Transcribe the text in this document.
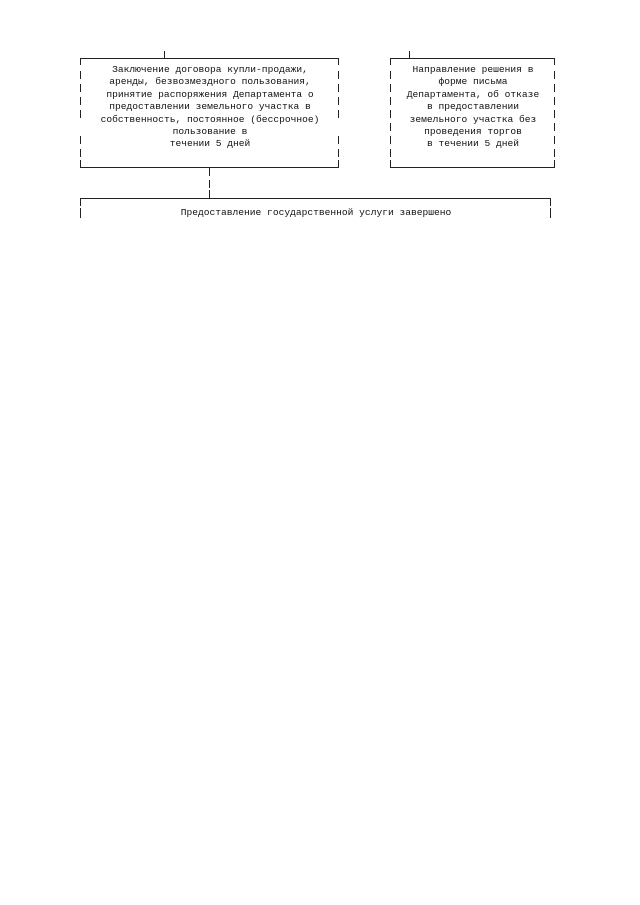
Заключение договора купли-продажи,
аренды, безвозмездного пользования,
принятие распоряжения Департамента о
предоставлении земельного участка в
собственность, постоянное (бессрочное)
пользование в
течении 5 дней
Направление решения в
форме письма
Департамента, об отказе
в предоставлении
земельного участка без
проведения торгов
в течении 5 дней
Предоставление государственной услуги завершено
